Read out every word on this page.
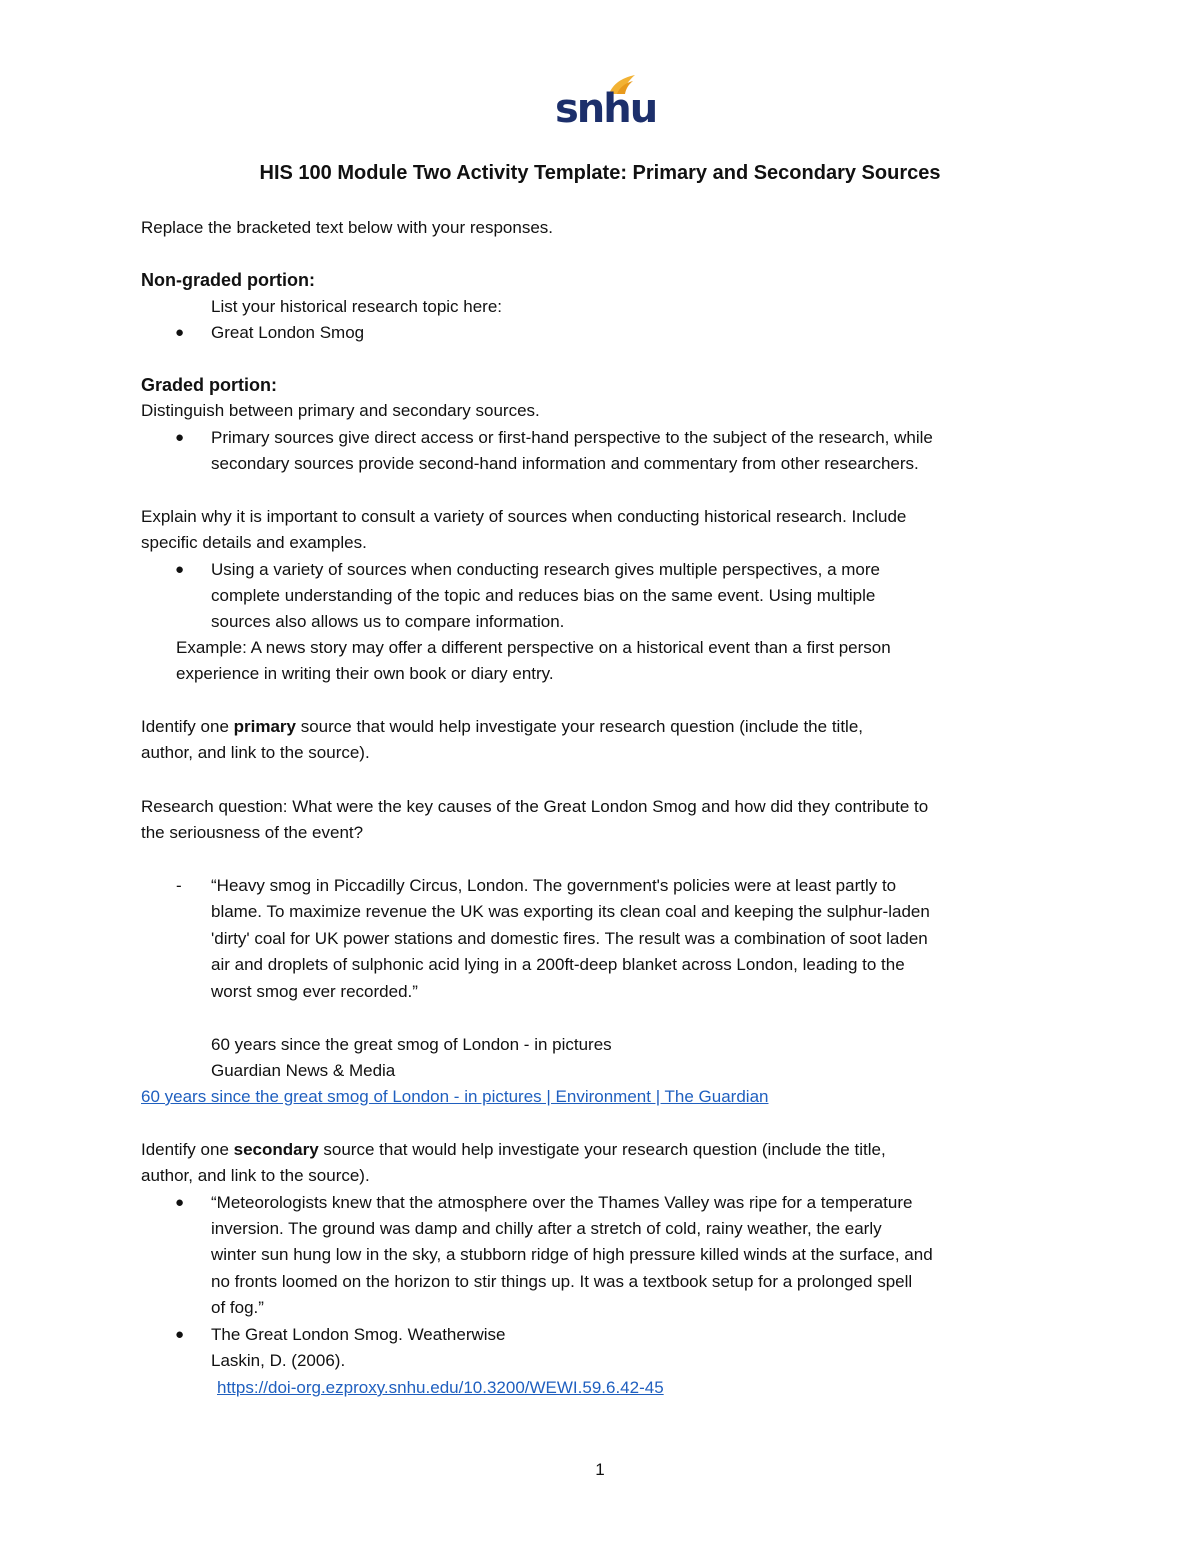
snhu
HIS 100 Module Two Activity Template: Primary and Secondary Sources
Replace the bracketed text below with your responses.
Non-graded portion:
List your historical research topic here:
● Great London Smog
Graded portion:
Distinguish between primary and secondary sources.
● Primary sources give direct access or first-hand perspective to the subject of the research, while
secondary sources provide second-hand information and commentary from other researchers.
Explain why it is important to consult a variety of sources when conducting historical research. Include
specific details and examples.
● Using a variety of sources when conducting research gives multiple perspectives, a more
complete understanding of the topic and reduces bias on the same event. Using multiple
sources also allows us to compare information.
Example: A news story may offer a different perspective on a historical event than a first person
experience in writing their own book or diary entry.
Identify one primary source that would help investigate your research question (include the title,
author, and link to the source).
Research question: What were the key causes of the Great London Smog and how did they contribute to
the seriousness of the event?
- “Heavy smog in Piccadilly Circus, London. The government's policies were at least partly to
blame. To maximize revenue the UK was exporting its clean coal and keeping the sulphur-laden
'dirty' coal for UK power stations and domestic fires. The result was a combination of soot laden
air and droplets of sulphonic acid lying in a 200ft-deep blanket across London, leading to the
worst smog ever recorded.”
60 years since the great smog of London - in pictures
Guardian News & Media
60 years since the great smog of London - in pictures | Environment | The Guardian
Identify one secondary source that would help investigate your research question (include the title,
author, and link to the source).
● “Meteorologists knew that the atmosphere over the Thames Valley was ripe for a temperature
inversion. The ground was damp and chilly after a stretch of cold, rainy weather, the early
winter sun hung low in the sky, a stubborn ridge of high pressure killed winds at the surface, and
no fronts loomed on the horizon to stir things up. It was a textbook setup for a prolonged spell
of fog.”
● The Great London Smog. Weatherwise
Laskin, D. (2006).
https://doi-org.ezproxy.snhu.edu/10.3200/WEWI.59.6.42-45
1
